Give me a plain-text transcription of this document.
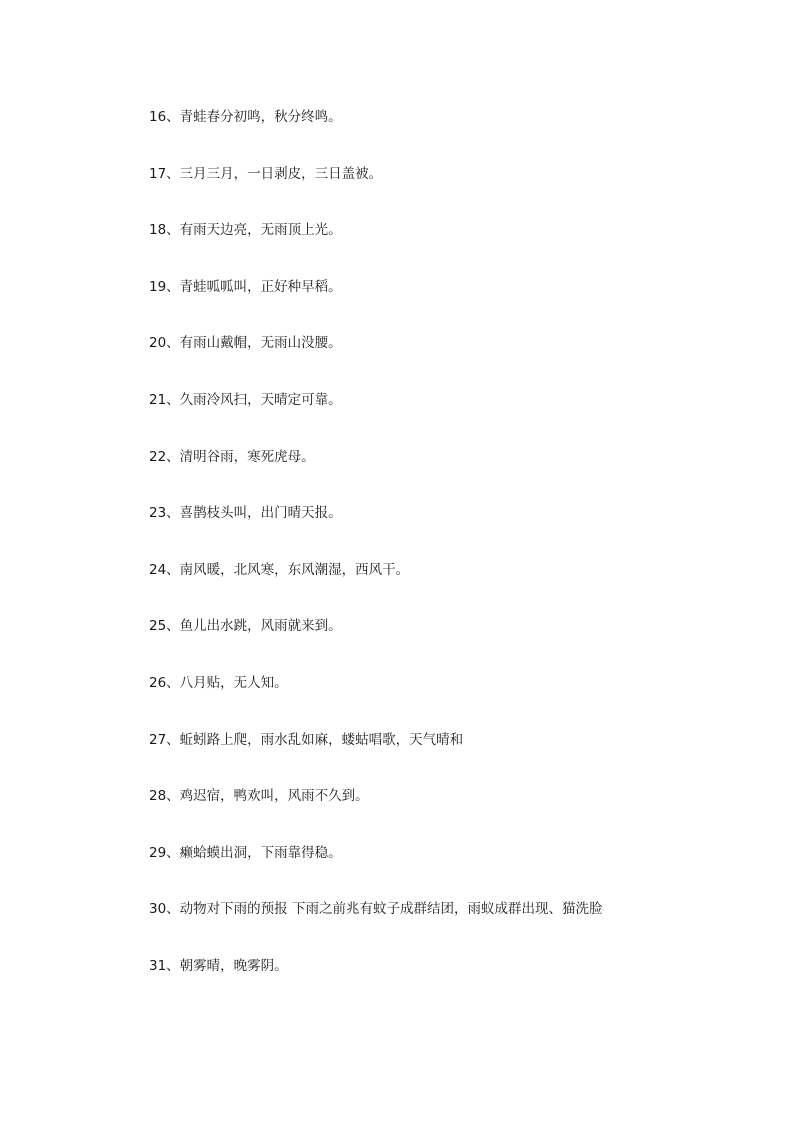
16、青蛙春分初鸣，秋分终鸣。
17、三月三月，一日剥皮，三日盖被。
18、有雨天边亮，无雨顶上光。
19、青蛙呱呱叫，正好种早稻。
20、有雨山戴帽，无雨山没腰。
21、久雨冷风扫，天晴定可靠。
22、清明谷雨，寒死虎母。
23、喜鹊枝头叫，出门晴天报。
24、南风暖，北风寒，东风潮湿，西风干。
25、鱼儿出水跳，风雨就来到。
26、八月贴，无人知。
27、蚯蚓路上爬，雨水乱如麻，蝼蛄唱歌，天气晴和
28、鸡迟宿，鸭欢叫，风雨不久到。
29、癞蛤蟆出洞，下雨靠得稳。
30、动物对下雨的预报 下雨之前兆有蚊子成群结团，雨蚁成群出现、猫洗脸
31、朝雾晴，晚雾阴。
